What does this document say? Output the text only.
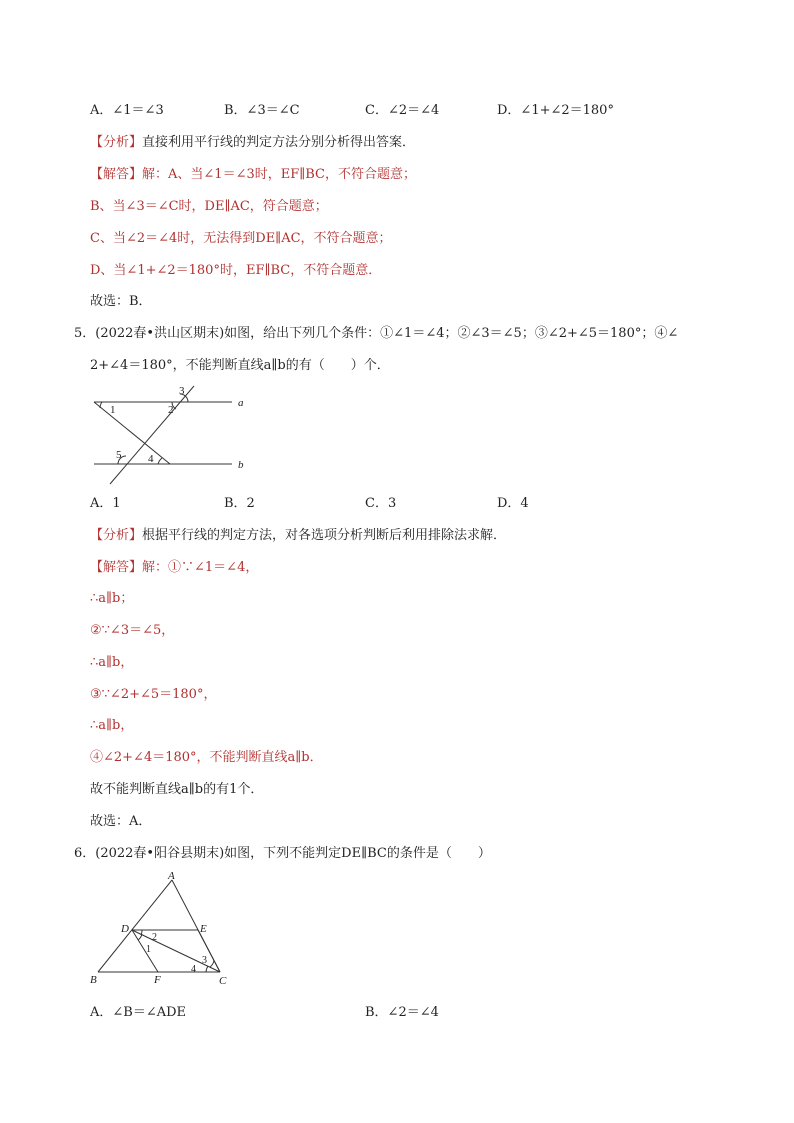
A．∠1＝∠3	B．∠3＝∠C	C．∠2＝∠4	D．∠1+∠2＝180°
【分析】直接利用平行线的判定方法分别分析得出答案．
【解答】解：A、当∠1＝∠3时，EF∥BC，不符合题意；
B、当∠3＝∠C时，DE∥AC，符合题意；
C、当∠2＝∠4时，无法得到DE∥AC，不符合题意；
D、当∠1+∠2＝180°时，EF∥BC，不符合题意．
故选：B．
5．(2022春•洪山区期末)如图，给出下列几个条件：①∠1＝∠4；②∠3＝∠5；③∠2+∠5＝180°；④∠
2+∠4＝180°，不能判断直线a∥b的有（　　）个．
a
b
1	2
3
4
5
A．1	B．2	C．3	D．4
【分析】根据平行线的判定方法，对各选项分析判断后利用排除法求解．
【解答】解：①∵∠1＝∠4，
∴a∥b；
②∵∠3＝∠5，
∴a∥b，
③∵∠2+∠5＝180°，
∴a∥b，
④∠2+∠4＝180°，不能判断直线a∥b．
故不能判断直线a∥b的有1个．
故选：A．
6．(2022春•阳谷县期末)如图，下列不能判定DE∥BC的条件是（　　）
A
B	C
D	E
F
1
2
3
4
A．∠B＝∠ADE	B．∠2＝∠4
